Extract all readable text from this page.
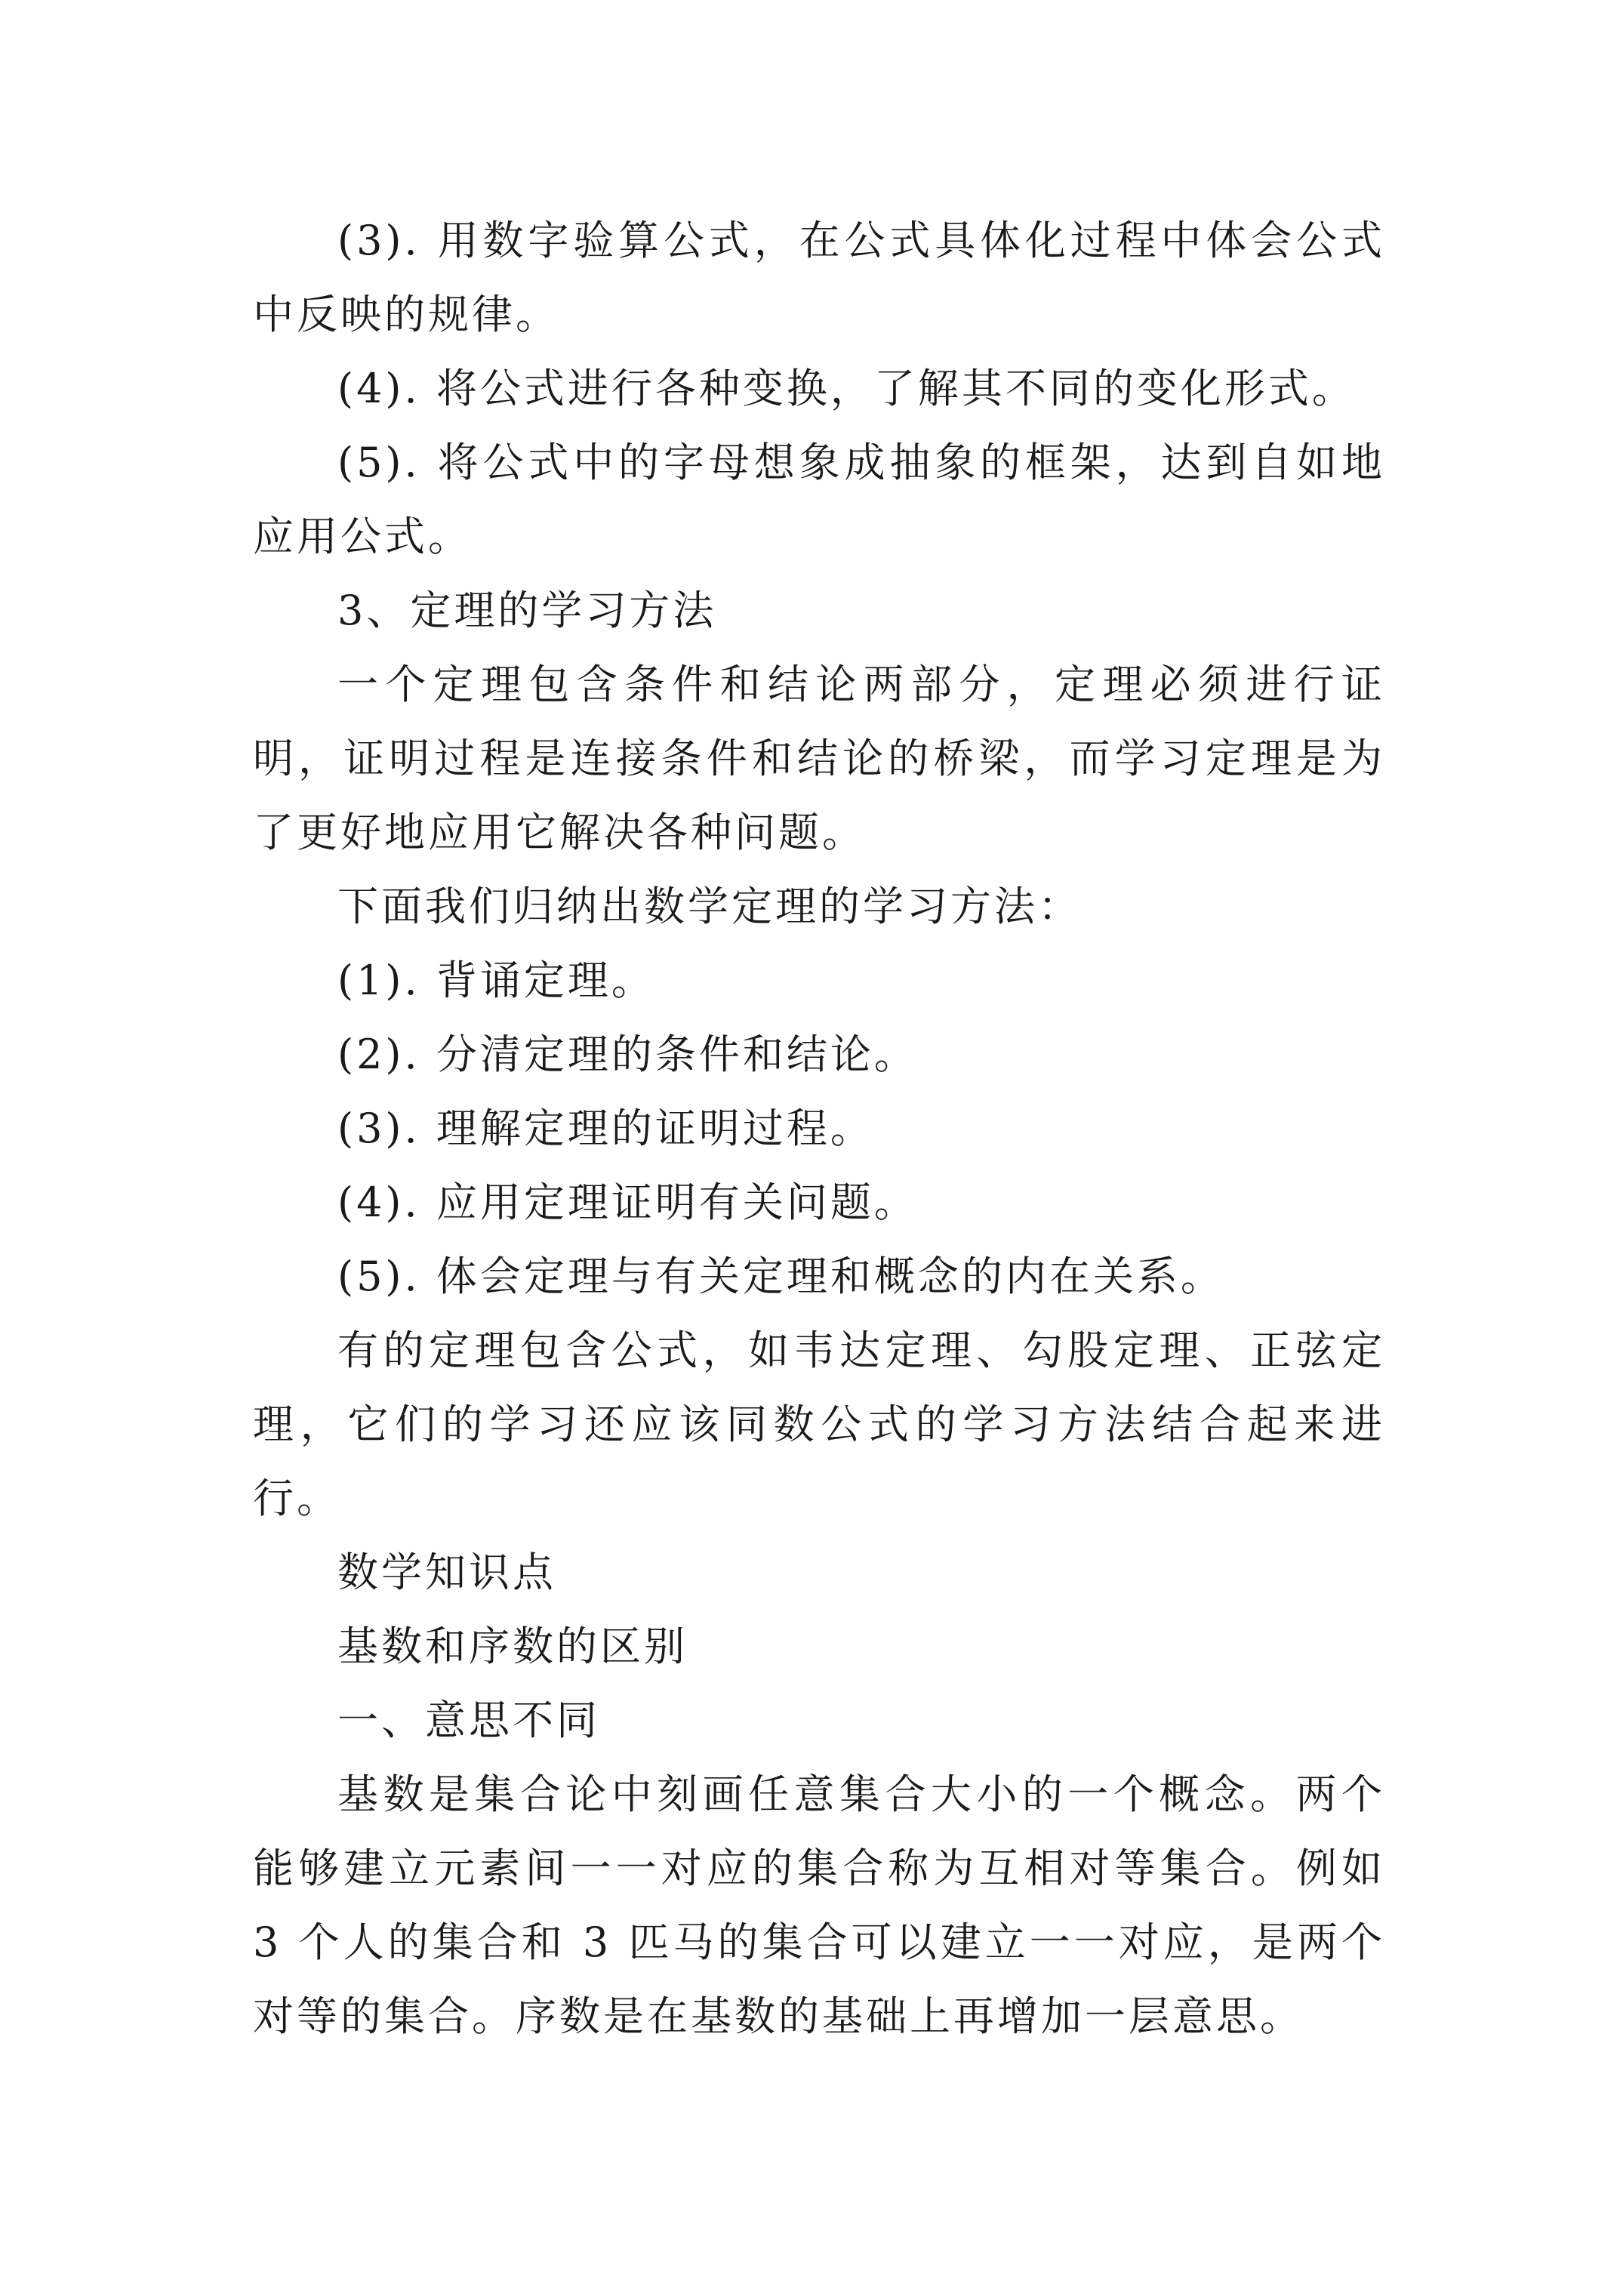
(3). 用数字验算公式，在公式具体化过程中体会公式中反映的规律。

(4). 将公式进行各种变换，了解其不同的变化形式。

(5). 将公式中的字母想象成抽象的框架，达到自如地应用公式。

3、定理的学习方法

一个定理包含条件和结论两部分，定理必须进行证明，证明过程是连接条件和结论的桥梁，而学习定理是为了更好地应用它解决各种问题。

下面我们归纳出数学定理的学习方法：

(1). 背诵定理。

(2). 分清定理的条件和结论。

(3). 理解定理的证明过程。

(4). 应用定理证明有关问题。

(5). 体会定理与有关定理和概念的内在关系。

有的定理包含公式，如韦达定理、勾股定理、正弦定理，它们的学习还应该同数公式的学习方法结合起来进行。

数学知识点

基数和序数的区别

一、意思不同

基数是集合论中刻画任意集合大小的一个概念。两个能够建立元素间一一对应的集合称为互相对等集合。例如 3 个人的集合和 3 匹马的集合可以建立一一对应，是两个对等的集合。序数是在基数的基础上再增加一层意思。
